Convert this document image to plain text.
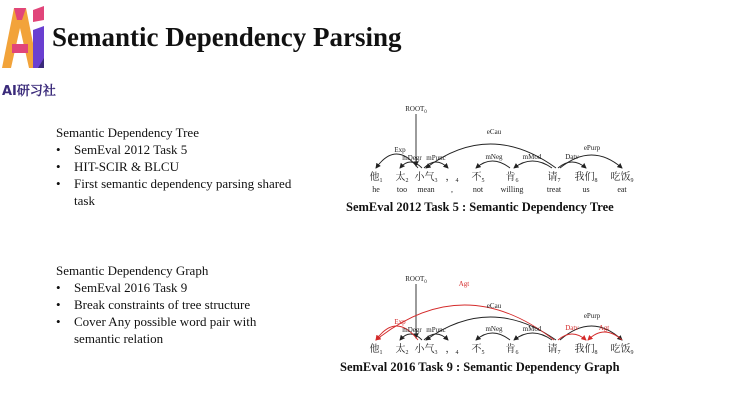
AI研习社
Semantic Dependency Parsing
Semantic Dependency Tree
• SemEval 2012 Task 5
• HIT-SCIR & BLCU
• First semantic dependency parsing shared task
Semantic Dependency Graph
• SemEval 2016 Task 9
• Break constraints of tree structure
• Cover Any possible word pair with semantic relation
$ROOT_0$
Exp
mDegr mPunc
eCau
mNeg	mMod	Datv
ePurp
他$_1$ 太$_2$ 小气$_3$ ，$_4$ 不$_5$ 肯$_6$	请$_7$ 我们$_8$ 吃饭$_9$
he too mean , not willing	treat	us	eat
SemEval 2012 Task 5 : Semantic Dependency Tree
$ROOT_0$	Agt
Exp
mDegr mPunc
eCau
mNeg	mMod
ePurp
Datv	Agt
他$_1$ 太$_2$ 小气$_3$ ，$_4$ 不$_5$ 肯$_6$	请$_7$ 我们$_8$ 吃饭$_9$
SemEval 2016 Task 9 : Semantic Dependency Graph
